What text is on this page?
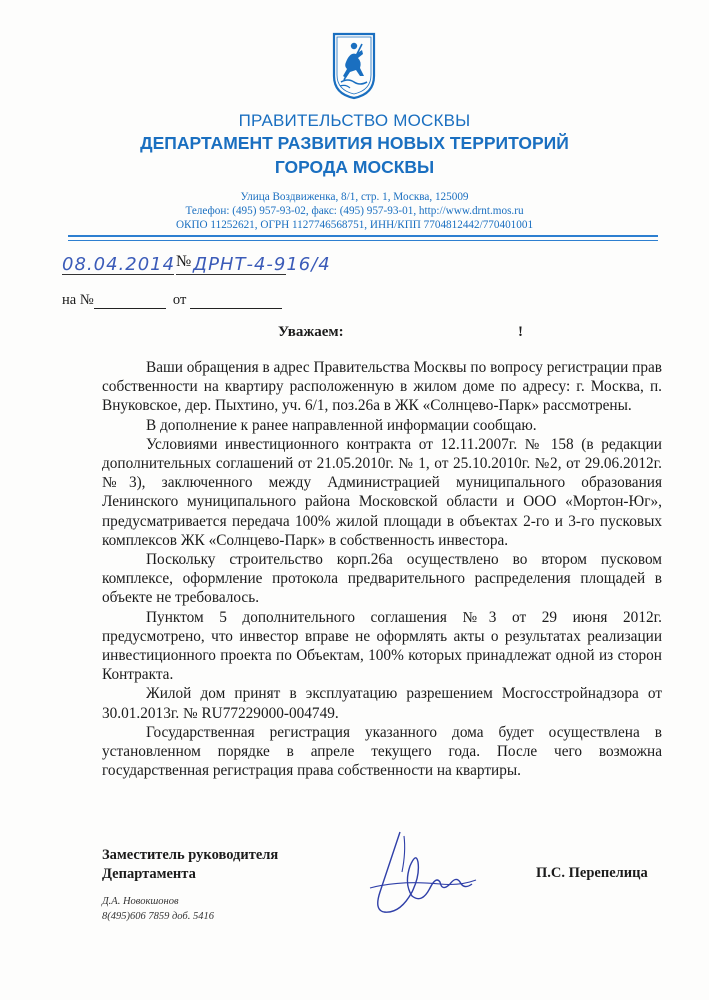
ПРАВИТЕЛЬСТВО МОСКВЫ
ДЕПАРТАМЕНТ РАЗВИТИЯ НОВЫХ ТЕРРИТОРИЙ
ГОРОДА МОСКВЫ
Улица Воздвиженка, 8/1, стр. 1, Москва, 125009
Телефон: (495) 957-93-02, факс: (495) 957-93-01, http://www.drnt.mos.ru
ОКПО 11252621, ОГРН 1127746568751, ИНН/КПП 7704812442/770401001
08.04.2014 № ДРНТ-4-916/4
на №	от
Уважаем:	!

Ваши обращения в адрес Правительства Москвы по вопросу регистрации прав собственности на квартиру расположенную в жилом доме по адресу: г. Москва, п. Внуковское, дер. Пыхтино, уч. 6/1, поз.26а в ЖК «Солнцево-Парк» рассмотрены.

В дополнение к ранее направленной информации сообщаю.

Условиями инвестиционного контракта от 12.11.2007г. № 158 (в редакции дополнительных соглашений от 21.05.2010г. № 1, от 25.10.2010г. №2, от 29.06.2012г. №3), заключенного между Администрацией муниципального образования Ленинского муниципального района Московской области и ООО «Мортон-Юг», предусматривается передача 100% жилой площади в объектах 2-го и 3-го пусковых комплексов ЖК «Солнцево-Парк» в собственность инвестора.

Поскольку строительство корп.26а осуществлено во втором пусковом комплексе, оформление протокола предварительного распределения площадей в объекте не требовалось.

Пунктом 5 дополнительного соглашения №3 от 29 июня 2012г. предусмотрено, что инвестор вправе не оформлять акты о результатах реализации инвестиционного проекта по Объектам, 100% которых принадлежат одной из сторон Контракта.

Жилой дом принят в эксплуатацию разрешением Мосгосстройнадзора от 30.01.2013г. № RU77229000-004749.

Государственная регистрация указанного дома будет осуществлена в установленном порядке в апреле текущего года. После чего возможна государственная регистрация права собственности на квартиры.

Заместитель руководителя
Департамента	П.С. Перепелица
Д.А. Новокшонов
8(495)606 7859 доб. 5416
